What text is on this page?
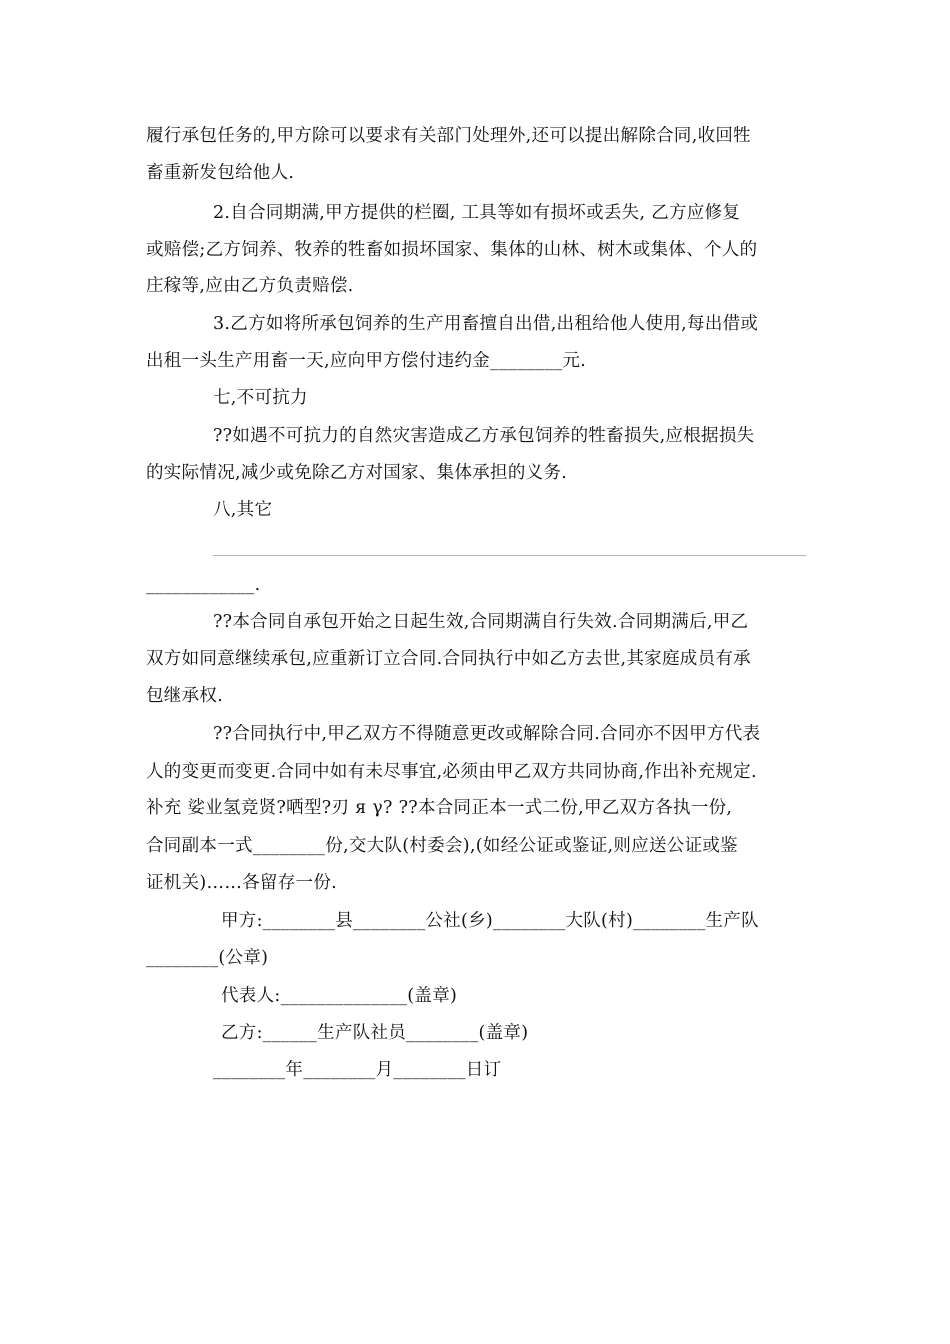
履行承包任务的,甲方除可以要求有关部门处理外,还可以提出解除合同,收回牲
畜重新发包给他人.
2.自合同期满,甲方提供的栏圈, 工具等如有损坏或丢失, 乙方应修复
或赔偿;乙方饲养、牧养的牲畜如损坏国家、集体的山林、树木或集体、个人的
庄稼等,应由乙方负责赔偿.
3.乙方如将所承包饲养的生产用畜擅自出借,出租给他人使用,每出借或
出租一头生产用畜一天,应向甲方偿付违约金________元.
七,不可抗力
??如遇不可抗力的自然灾害造成乙方承包饲养的牲畜损失,应根据损失
的实际情况,减少或免除乙方对国家、集体承担的义务.
八,其它
____________.
??本合同自承包开始之日起生效,合同期满自行失效.合同期满后,甲乙
双方如同意继续承包,应重新订立合同.合同执行中如乙方去世,其家庭成员有承
包继承权.
??合同执行中,甲乙双方不得随意更改或解除合同.合同亦不因甲方代表
人的变更而变更.合同中如有未尽事宜,必须由甲乙双方共同协商,作出补充规定.
补充 娑业氢竞贤?哂型?刃 я γ? ??本合同正本一式二份,甲乙双方各执一份,
合同副本一式________份,交大队(村委会),(如经公证或鉴证,则应送公证或鉴
证机关)……各留存一份.
甲方:________县________公社(乡)________大队(村)________生产队
________(公章)
代表人:______________(盖章)
乙方:______生产队社员________(盖章)
________年________月________日订
